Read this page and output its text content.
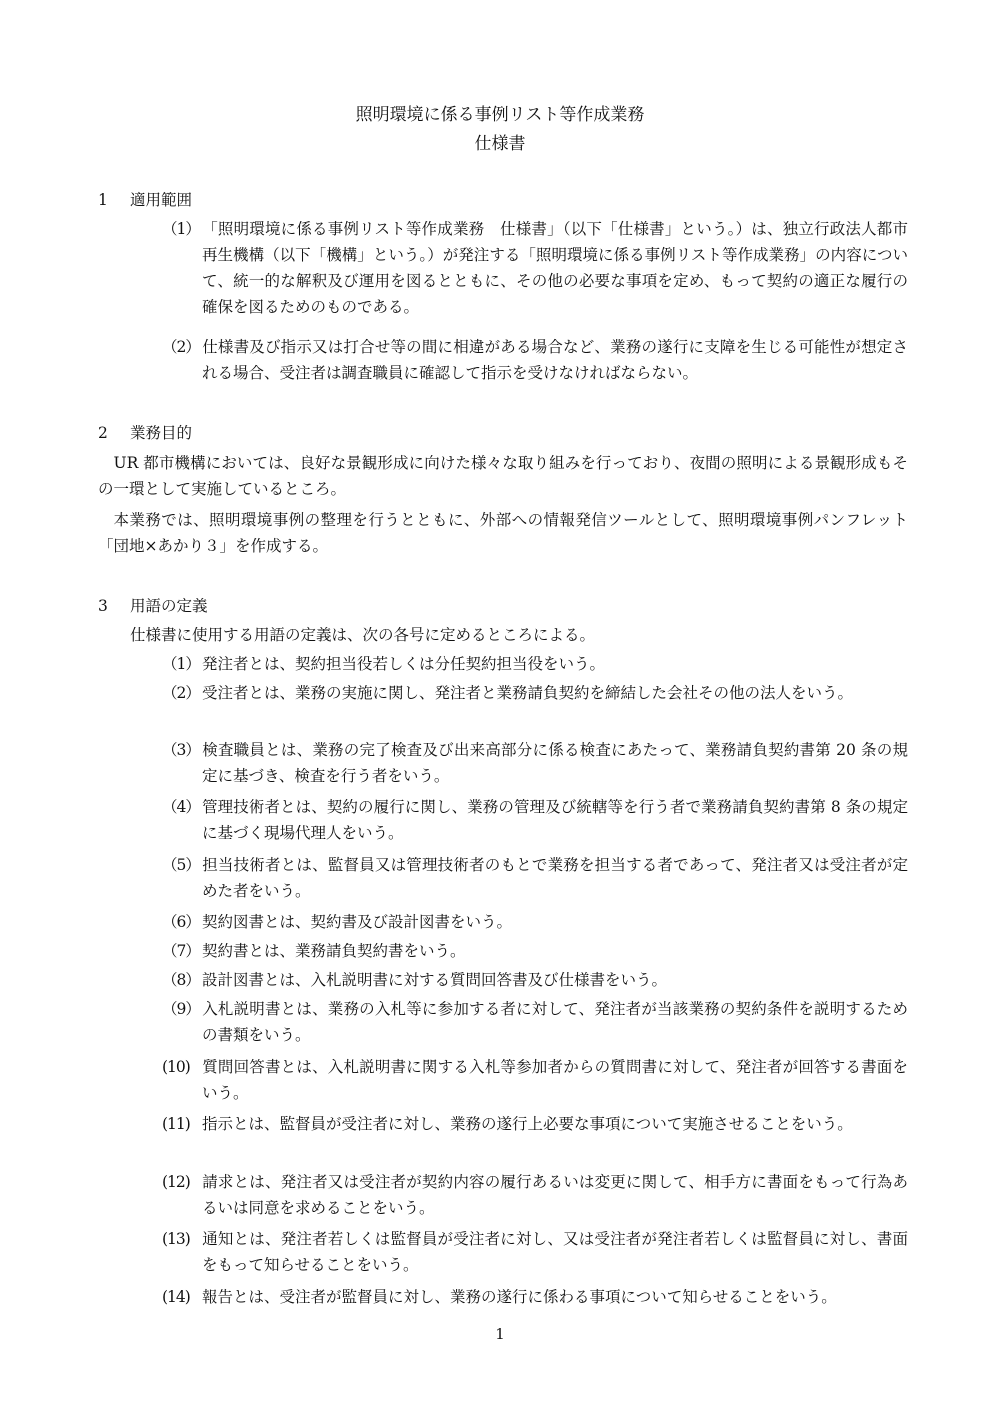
照明環境に係る事例リスト等作成業務
仕様書
1 適用範囲
（1） 「照明環境に係る事例リスト等作成業務　仕様書」（以下「仕様書」という。）は、独立行政法人都市再生機構（以下「機構」という。）が発注する「照明環境に係る事例リスト等作成業務」の内容について、統一的な解釈及び運用を図るとともに、その他の必要な事項を定め、もって契約の適正な履行の確保を図るためのものである。
（2） 仕様書及び指示又は打合せ等の間に相違がある場合など、業務の遂行に支障を生じる可能性が想定される場合、受注者は調査職員に確認して指示を受けなければならない。
2 業務目的
UR 都市機構においては、良好な景観形成に向けた様々な取り組みを行っており、夜間の照明による景観形成もその一環として実施しているところ。
本業務では、照明環境事例の整理を行うとともに、外部への情報発信ツールとして、照明環境事例パンフレット「団地×あかり３」を作成する。
3 用語の定義
仕様書に使用する用語の定義は、次の各号に定めるところによる。
（1） 発注者とは、契約担当役若しくは分任契約担当役をいう。
（2） 受注者とは、業務の実施に関し、発注者と業務請負契約を締結した会社その他の法人をいう。
（3） 検査職員とは、業務の完了検査及び出来高部分に係る検査にあたって、業務請負契約書第 20 条の規定に基づき、検査を行う者をいう。
（4） 管理技術者とは、契約の履行に関し、業務の管理及び統轄等を行う者で業務請負契約書第 8 条の規定に基づく現場代理人をいう。
（5） 担当技術者とは、監督員又は管理技術者のもとで業務を担当する者であって、発注者又は受注者が定めた者をいう。
（6） 契約図書とは、契約書及び設計図書をいう。
（7） 契約書とは、業務請負契約書をいう。
（8） 設計図書とは、入札説明書に対する質問回答書及び仕様書をいう。
（9） 入札説明書とは、業務の入札等に参加する者に対して、発注者が当該業務の契約条件を説明するための書類をいう。
(10) 質問回答書とは、入札説明書に関する入札等参加者からの質問書に対して、発注者が回答する書面をいう。
(11) 指示とは、監督員が受注者に対し、業務の遂行上必要な事項について実施させることをいう。
(12) 請求とは、発注者又は受注者が契約内容の履行あるいは変更に関して、相手方に書面をもって行為あるいは同意を求めることをいう。
(13) 通知とは、発注者若しくは監督員が受注者に対し、又は受注者が発注者若しくは監督員に対し、書面をもって知らせることをいう。
(14) 報告とは、受注者が監督員に対し、業務の遂行に係わる事項について知らせることをいう。
1
